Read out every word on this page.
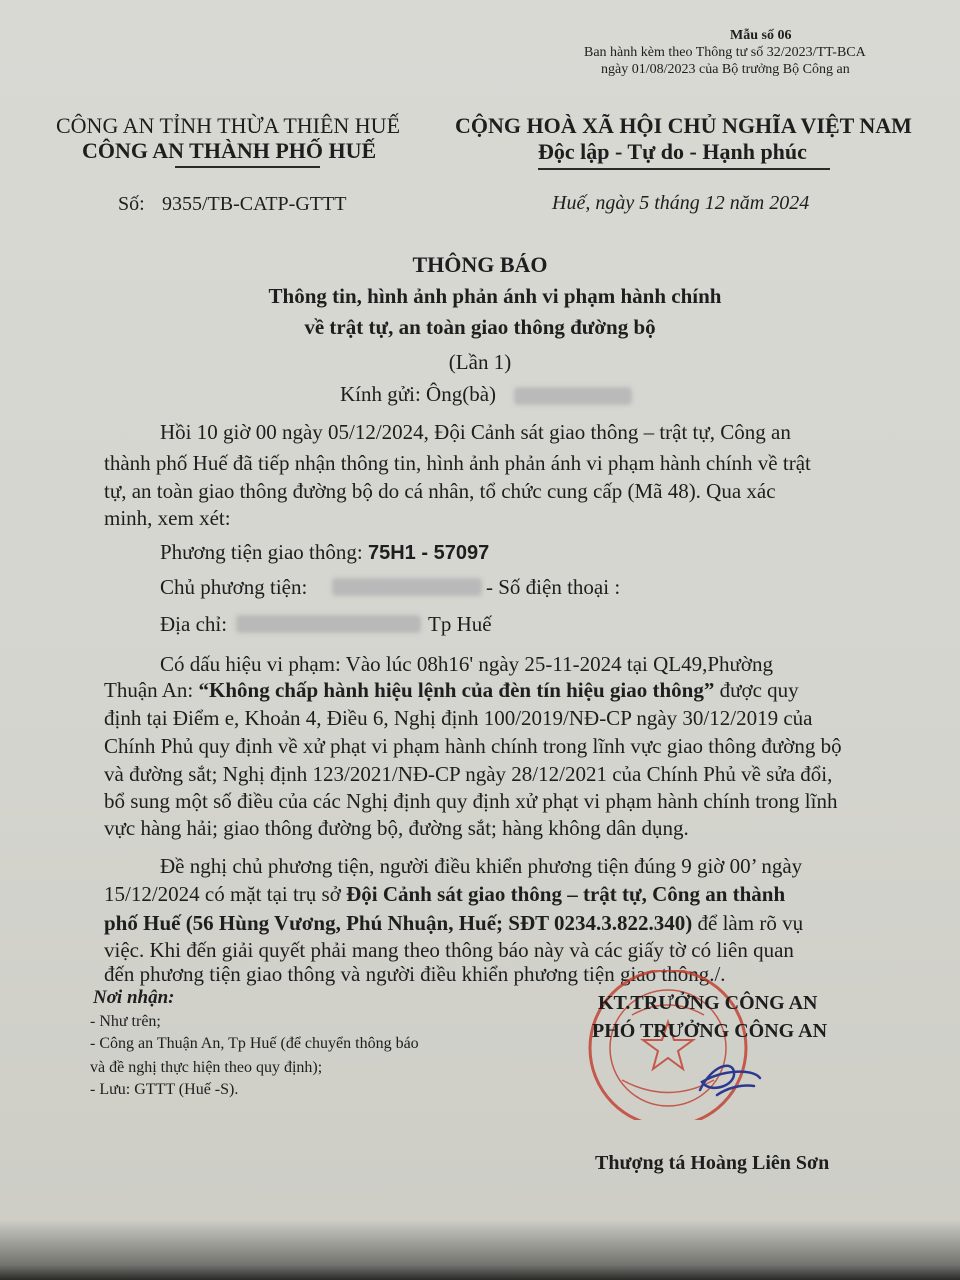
Mẫu số 06
Ban hành kèm theo Thông tư số 32/2023/TT-BCA
ngày 01/08/2023 của Bộ trưởng Bộ Công an
CÔNG AN TỈNH THỪA THIÊN HUẾ
CÔNG AN THÀNH PHỐ HUẾ
Số: 9355/TB-CATP-GTTT
CỘNG HOÀ XÃ HỘI CHỦ NGHĨA VIỆT NAM
Độc lập - Tự do - Hạnh phúc
Huế, ngày 5 tháng 12 năm 2024
THÔNG BÁO
Thông tin, hình ảnh phản ánh vi phạm hành chính
về trật tự, an toàn giao thông đường bộ
(Lần 1)
Kính gửi: Ông(bà)
Hồi 10 giờ 00 ngày 05/12/2024, Đội Cảnh sát giao thông – trật tự, Công an
thành phố Huế đã tiếp nhận thông tin, hình ảnh phản ánh vi phạm hành chính về trật
tự, an toàn giao thông đường bộ do cá nhân, tổ chức cung cấp (Mã 48). Qua xác
minh, xem xét:
Phương tiện giao thông: 75H1 - 57097
Chủ phương tiện:	- Số điện thoại :
Địa chỉ:	Tp Huế
Có dấu hiệu vi phạm: Vào lúc 08h16' ngày 25-11-2024 tại QL49,Phường
Thuận An: “Không chấp hành hiệu lệnh của đèn tín hiệu giao thông” được quy
định tại Điểm e, Khoản 4, Điều 6, Nghị định 100/2019/NĐ-CP ngày 30/12/2019 của
Chính Phủ quy định về xử phạt vi phạm hành chính trong lĩnh vực giao thông đường bộ
và đường sắt; Nghị định 123/2021/NĐ-CP ngày 28/12/2021 của Chính Phủ về sửa đổi,
bổ sung một số điều của các Nghị định quy định xử phạt vi phạm hành chính trong lĩnh
vực hàng hải; giao thông đường bộ, đường sắt; hàng không dân dụng.
Đề nghị chủ phương tiện, người điều khiển phương tiện đúng 9 giờ 00’ ngày
15/12/2024 có mặt tại trụ sở Đội Cảnh sát giao thông – trật tự, Công an thành
phố Huế (56 Hùng Vương, Phú Nhuận, Huế; SĐT 0234.3.822.340) để làm rõ vụ
việc. Khi đến giải quyết phải mang theo thông báo này và các giấy tờ có liên quan
đến phương tiện giao thông và người điều khiển phương tiện giao thông./.
Nơi nhận:
- Như trên;
- Công an Thuận An, Tp Huế (để chuyển thông báo
và đề nghị thực hiện theo quy định);
- Lưu: GTTT (Huế -S).
KT.TRƯỞNG CÔNG AN
PHÓ TRƯỞNG CÔNG AN
Thượng tá Hoàng Liên Sơn
